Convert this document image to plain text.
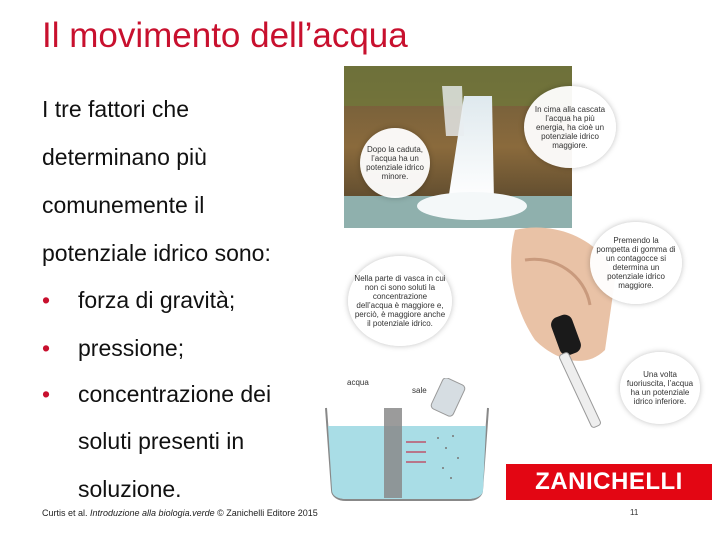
Il movimento dell’acqua
I tre fattori che
determinano più
comunemente il
potenziale idrico sono:
• forza di gravità;
• pressione;
• concentrazione dei
soluti presenti in
soluzione.
acqua
sale
In cima alla cascata l’acqua ha più energia, ha cioè un potenziale idrico maggiore.
Dopo la caduta, l’acqua ha un potenziale idrico minore.
Premendo la pompetta di gomma di un contagocce si determina un potenziale idrico maggiore.
Nella parte di vasca in cui non ci sono soluti la concentrazione dell’acqua è maggiore e, perciò, è maggiore anche il potenziale idrico.
Una volta fuoriuscita, l’acqua ha un potenziale idrico inferiore.
ZANICHELLI
Curtis et al. Introduzione alla biologia.verde © Zanichelli Editore 2015	11
